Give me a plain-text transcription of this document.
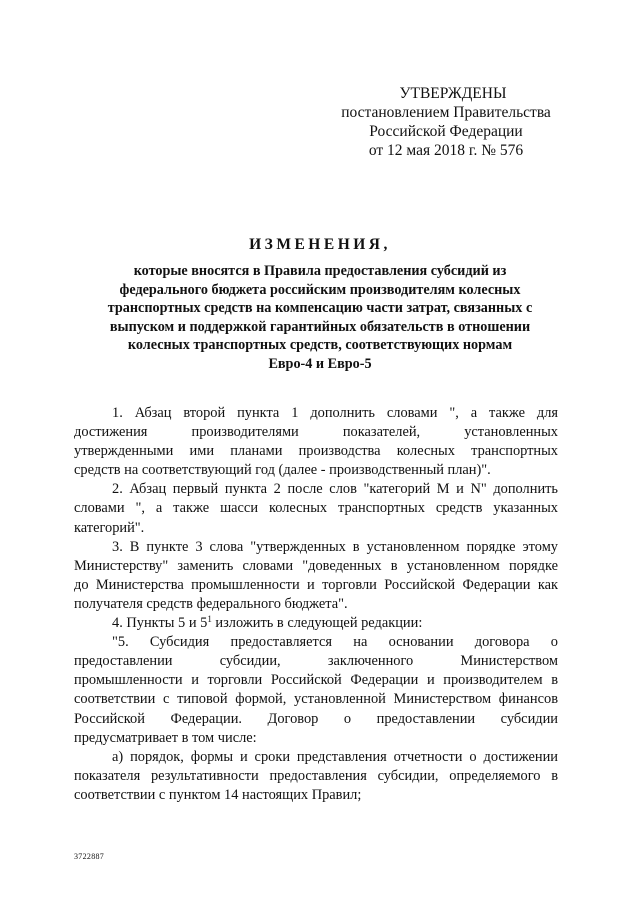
УТВЕРЖДЕНЫ
постановлением Правительства
Российской Федерации
от 12 мая 2018 г. № 576
ИЗМЕНЕНИЯ,
которые вносятся в Правила предоставления субсидий из
федерального бюджета российским производителям колесных
транспортных средств на компенсацию части затрат, связанных с
выпуском и поддержкой гарантийных обязательств в отношении
колесных транспортных средств, соответствующих нормам
Евро-4 и Евро-5
1. Абзац второй пункта 1 дополнить словами ", а также для
достижения производителями показателей, установленных
утвержденными ими планами производства колесных транспортных
средств на соответствующий год (далее - производственный план)".
2. Абзац первый пункта 2 после слов "категорий M и N" дополнить
словами ", а также шасси колесных транспортных средств указанных
категорий".
3. В пункте 3 слова "утвержденных в установленном порядке этому
Министерству" заменить словами "доведенных в установленном порядке
до Министерства промышленности и торговли Российской Федерации как
получателя средств федерального бюджета".
4. Пункты 5 и $5^1$ изложить в следующей редакции:
"5. Субсидия предоставляется на основании договора о
предоставлении субсидии, заключенного Министерством
промышленности и торговли Российской Федерации и производителем в
соответствии с типовой формой, установленной Министерством финансов
Российской Федерации. Договор о предоставлении субсидии
предусматривает в том числе:
а) порядок, формы и сроки представления отчетности о достижении
показателя результативности предоставления субсидии, определяемого в
соответствии с пунктом 14 настоящих Правил;
3722887
